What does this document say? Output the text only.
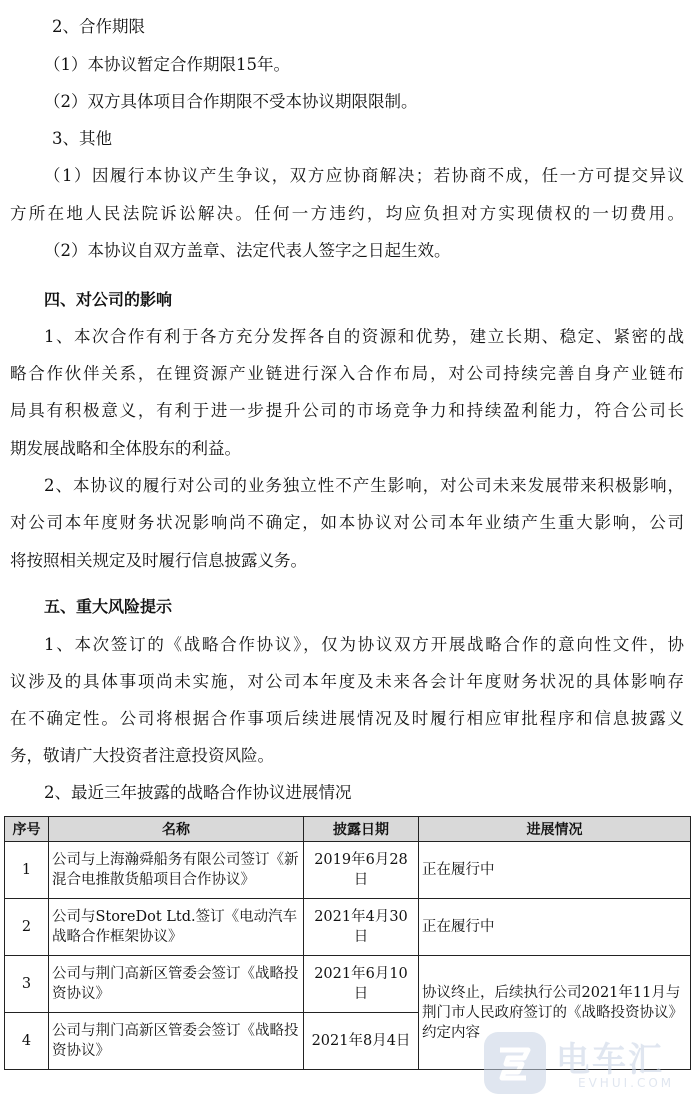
2、合作期限
（1）本协议暂定合作期限15年。
（2）双方具体项目合作期限不受本协议期限限制。
3、其他
（1）因履行本协议产生争议，双方应协商解决；若协商不成，任一方可提交异议
方所在地人民法院诉讼解决。任何一方违约，均应负担对方实现债权的一切费用。
（2）本协议自双方盖章、法定代表人签字之日起生效。
四、对公司的影响
1、本次合作有利于各方充分发挥各自的资源和优势，建立长期、稳定、紧密的战
略合作伙伴关系，在锂资源产业链进行深入合作布局，对公司持续完善自身产业链布
局具有积极意义，有利于进一步提升公司的市场竞争力和持续盈利能力，符合公司长
期发展战略和全体股东的利益。
2、本协议的履行对公司的业务独立性不产生影响，对公司未来发展带来积极影响，
对公司本年度财务状况影响尚不确定，如本协议对公司本年业绩产生重大影响，公司
将按照相关规定及时履行信息披露义务。
五、重大风险提示
1、本次签订的《战略合作协议》，仅为协议双方开展战略合作的意向性文件，协
议涉及的具体事项尚未实施，对公司本年度及未来各会计年度财务状况的具体影响存
在不确定性。公司将根据合作事项后续进展情况及时履行相应审批程序和信息披露义
务，敬请广大投资者注意投资风险。
2、最近三年披露的战略合作协议进展情况
序号	名称	披露日期	进展情况
1	公司与上海瀚舜船务有限公司签订《新混合电推散货船项目合作协议》	2019年6月28日	正在履行中
2	公司与StoreDot Ltd.签订《电动汽车战略合作框架协议》	2021年4月30日	正在履行中
3	公司与荆门高新区管委会签订《战略投资协议》	2021年6月10日	协议终止，后续执行公司2021年11月与荆门市人民政府签订的《战略投资协议》约定内容
4	公司与荆门高新区管委会签订《战略投资协议》	2021年8月4日		电车汇
EVHUI.COM
